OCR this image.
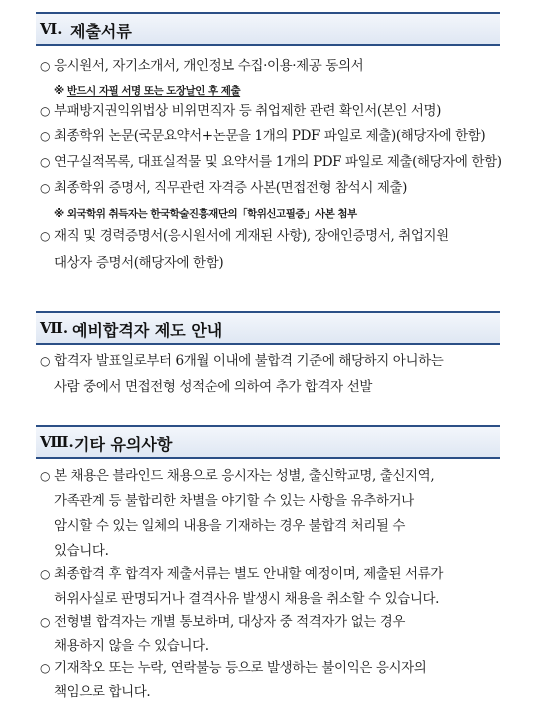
Ⅵ. 제출서류
○ 응시원서, 자기소개서, 개인정보 수집·이용·제공 동의서
※ 반드시 자필 서명 또는 도장날인 후 제출
○ 부패방지권익위법상 비위면직자 등 취업제한 관련 확인서(본인 서명)
○ 최종학위 논문(국문요약서+논문을 1개의 PDF 파일로 제출)(해당자에 한함)
○ 연구실적목록, 대표실적물 및 요약서를 1개의 PDF 파일로 제출(해당자에 한함)
○ 최종학위 증명서, 직무관련 자격증 사본(면접전형 참석시 제출)
※ 외국학위 취득자는 한국학술진흥재단의「학위신고필증」사본 첨부
○ 재직 및 경력증명서(응시원서에 게재된 사항), 장애인증명서, 취업지원
대상자 증명서(해당자에 한함)
Ⅶ. 예비합격자 제도 안내
○ 합격자 발표일로부터 6개월 이내에 불합격 기준에 해당하지 아니하는
사람 중에서 면접전형 성적순에 의하여 추가 합격자 선발
Ⅷ. 기타 유의사항
○ 본 채용은 블라인드 채용으로 응시자는 성별, 출신학교명, 출신지역,
가족관계 등 불합리한 차별을 야기할 수 있는 사항을 유추하거나
암시할 수 있는 일체의 내용을 기재하는 경우 불합격 처리될 수
있습니다.
○ 최종합격 후 합격자 제출서류는 별도 안내할 예정이며, 제출된 서류가
허위사실로 판명되거나 결격사유 발생시 채용을 취소할 수 있습니다.
○ 전형별 합격자는 개별 통보하며, 대상자 중 적격자가 없는 경우
채용하지 않을 수 있습니다.
○ 기재착오 또는 누락, 연락불능 등으로 발생하는 불이익은 응시자의
책임으로 합니다.
